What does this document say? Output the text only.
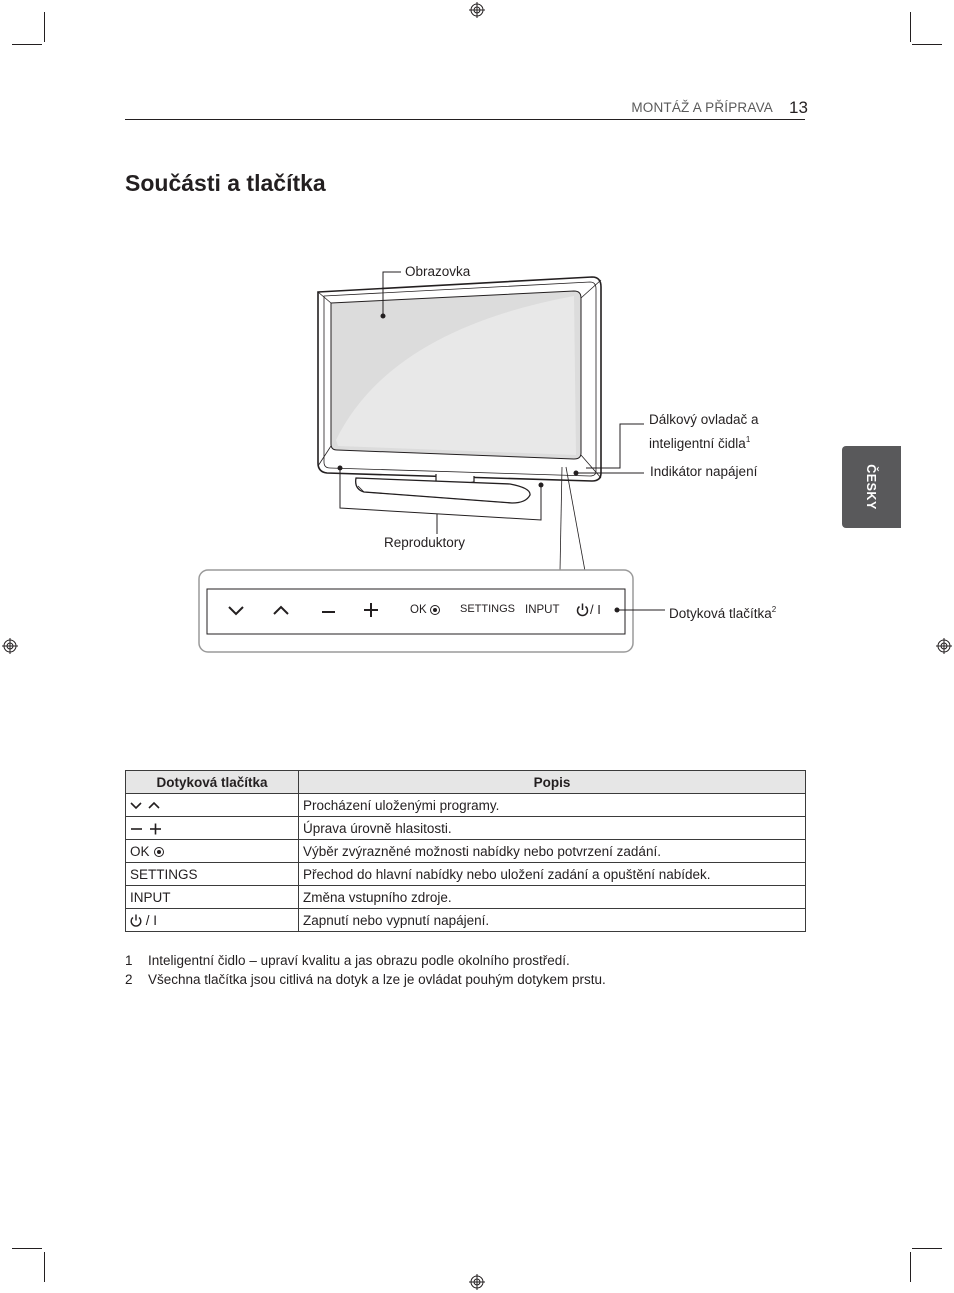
MONTÁŽ A PŘÍPRAVA 13
Součásti a tlačítka
ČESKY
Obrazovka
Dálkový ovladač a
inteligentní čidla$^1$
Indikátor napájení
Reproduktory
Dotyková tlačítka$^2$
OK	SETTINGS INPUT / I
Dotyková tlačítka	Popis
	Procházení uloženými programy.
	Úprava úrovně hlasitosti.
OK	Výběr zvýrazněné možnosti nabídky nebo potvrzení zadání.
SETTINGS	Přechod do hlavní nabídky nebo uložení zadání a opuštění nabídek.
INPUT	Změna vstupního zdroje.
/ I	Zapnutí nebo vypnutí napájení.
1 Inteligentní čidlo – upraví kvalitu a jas obrazu podle okolního prostředí.
2 Všechna tlačítka jsou citlivá na dotyk a lze je ovládat pouhým dotykem prstu.
